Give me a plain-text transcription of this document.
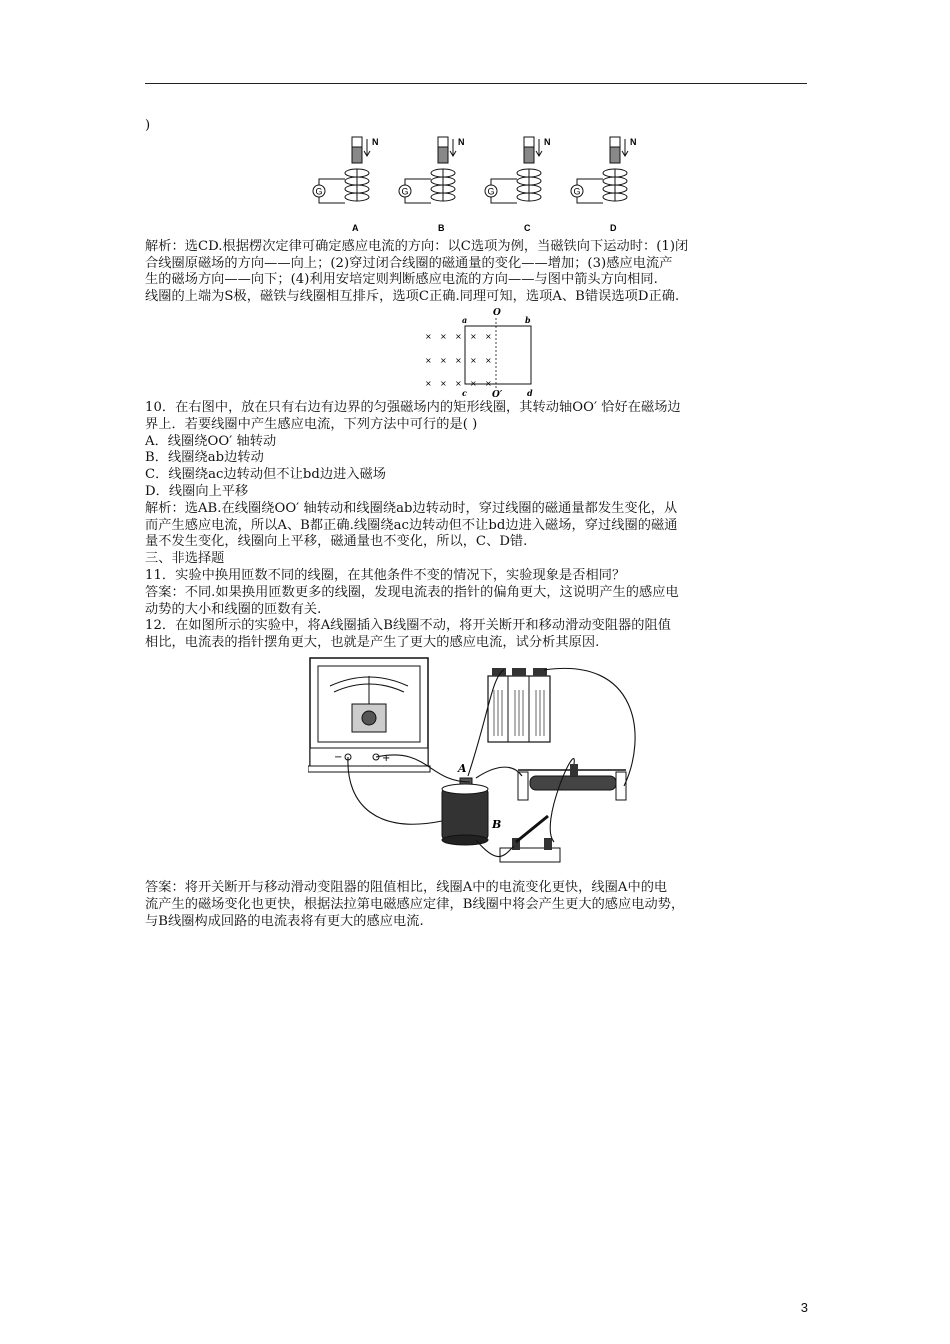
)

N
G
A	B	C	D

解析：选CD.根据楞次定律可确定感应电流的方向：以C选项为例，当磁铁向下运动时：(1)闭

合线圈原磁场的方向——向上；(2)穿过闭合线圈的磁通量的变化——增加；(3)感应电流产

生的磁场方向——向下；(4)利用安培定则判断感应电流的方向——与图中箭头方向相同.

线圈的上端为S极，磁铁与线圈相互排斥，选项C正确.同理可知，选项A、B错误选项D正确.

O
a	b
× × × × ×
× × × × ×
× × × × ×
c	O′	d

10．在右图中，放在只有右边有边界的匀强磁场内的矩形线圈，其转动轴OO′ 恰好在磁场边

界上．若要线圈中产生感应电流，下列方法中可行的是( )

A．线圈绕OO′ 轴转动

B．线圈绕ab边转动

C．线圈绕ac边转动但不让bd边进入磁场

D．线圈向上平移

解析：选AB.在线圈绕OO′ 轴转动和线圈绕ab边转动时，穿过线圈的磁通量都发生变化，从

而产生感应电流，所以A、B都正确.线圈绕ac边转动但不让bd边进入磁场，穿过线圈的磁通

量不发生变化，线圈向上平移，磁通量也不变化，所以，C、D错.

三、非选择题

11．实验中换用匝数不同的线圈，在其他条件不变的情况下，实验现象是否相同？

答案：不同.如果换用匝数更多的线圈，发现电流表的指针的偏角更大，这说明产生的感应电

动势的大小和线圈的匝数有关.

12．在如图所示的实验中，将A线圈插入B线圈不动，将开关断开和移动滑动变阻器的阻值

相比，电流表的指针摆角更大，也就是产生了更大的感应电流，试分析其原因.

−	+
A
B

答案：将开关断开与移动滑动变阻器的阻值相比，线圈A中的电流变化更快，线圈A中的电

流产生的磁场变化也更快，根据法拉第电磁感应定律，B线圈中将会产生更大的感应电动势，

与B线圈构成回路的电流表将有更大的感应电流.

3
